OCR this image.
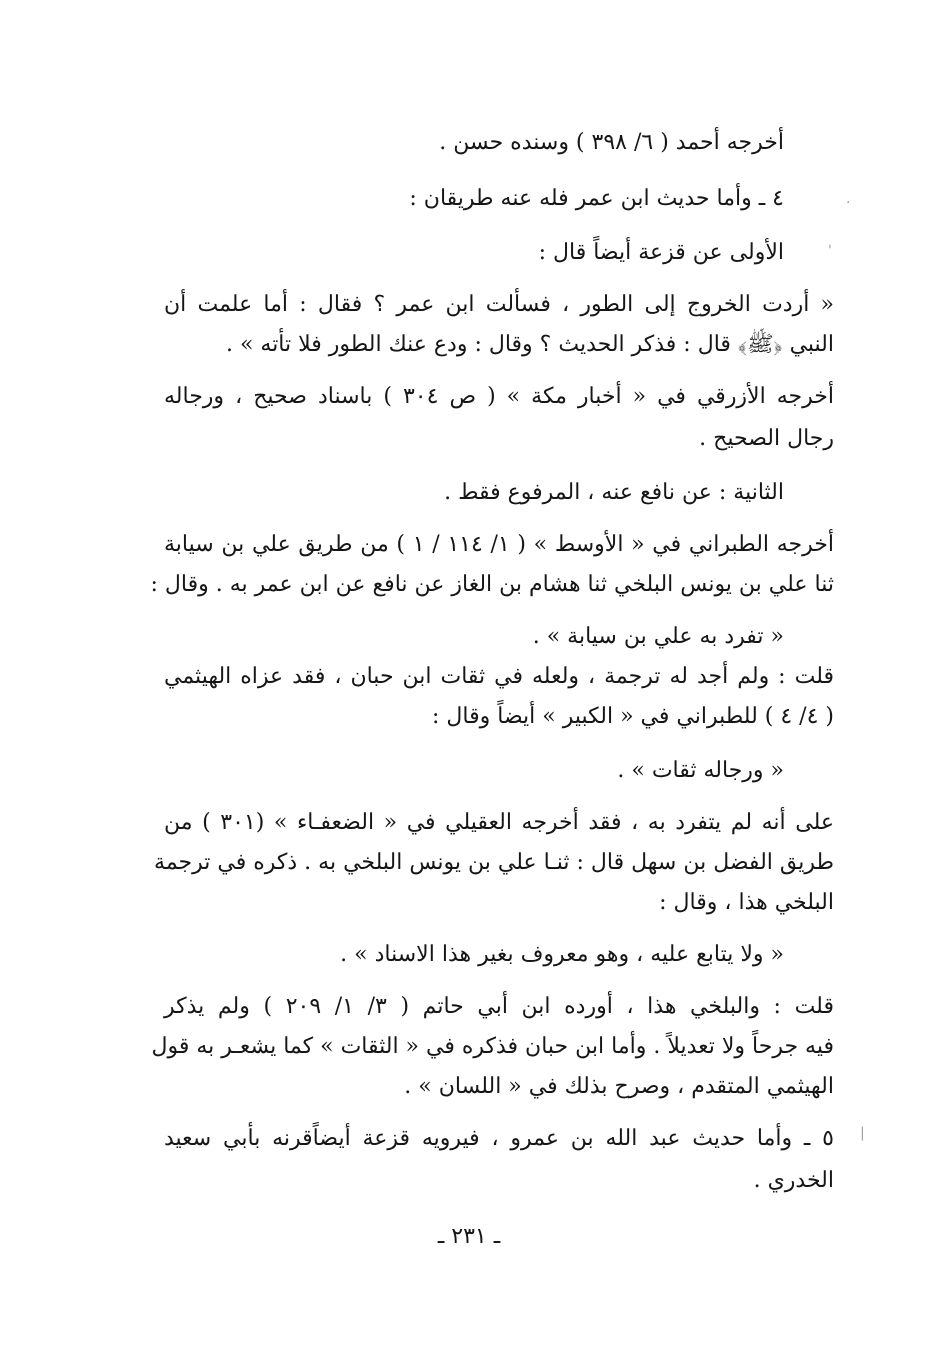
أخرجه أحمد ( ٦/ ٣٩٨ ) وسنده حسن .
٤ ـ وأما حديث ابن عمر فله عنه طريقان :
الأولى عن قزعة أيضاً قال :
« أردت الخروج إلى الطور ، فسألت ابن عمر ؟ فقال : أما علمت أن
النبي ﴿ﷺ﴾ قال : فذكر الحديث ؟ وقال : ودع عنك الطور فلا تأته » .
أخرجه الأزرقي في « أخبار مكة » ( ص ٣٠٤ ) باسناد صحيح ، ورجاله
رجال الصحيح .
الثانية : عن نافع عنه ، المرفوع فقط .
أخرجه الطبراني في « الأوسط » ( ١/ ١١٤ / ١ ) من طريق علي بن سيابة
ثنا علي بن يونس البلخي ثنا هشام بن الغاز عن نافع عن ابن عمر به . وقال :
« تفرد به علي بن سيابة » .
قلت : ولم أجد له ترجمة ، ولعله في ثقات ابن حبان ، فقد عزاه الهيثمي
( ٤/ ٤ ) للطبراني في « الكبير » أيضاً وقال :
« ورجاله ثقات » .
على أنه لم يتفرد به ، فقد أخرجه العقيلي في « الضعفـاء » (٣٠١ ) من
طريق الفضل بن سهل قال : ثنـا علي بن يونس البلخي به . ذكره في ترجمة
البلخي هذا ، وقال :
« ولا يتابع عليه ، وهو معروف بغير هذا الاسناد » .
قلت : والبلخي هذا ، أورده ابن أبي حاتم ( ٣/ ١/ ٢٠٩ ) ولم يذكر
فيه جرحاً ولا تعديلاً . وأما ابن حبان فذكره في « الثقات » كما يشعـر به قول
الهيثمي المتقدم ، وصرح بذلك في « اللسان » .
٥ ـ وأما حديث عبد الله بن عمرو ، فيرويه قزعة أيضاًقرنه بأبي سعيد
الخدري .
ـ ٢٣١ ـ
·
'
|
